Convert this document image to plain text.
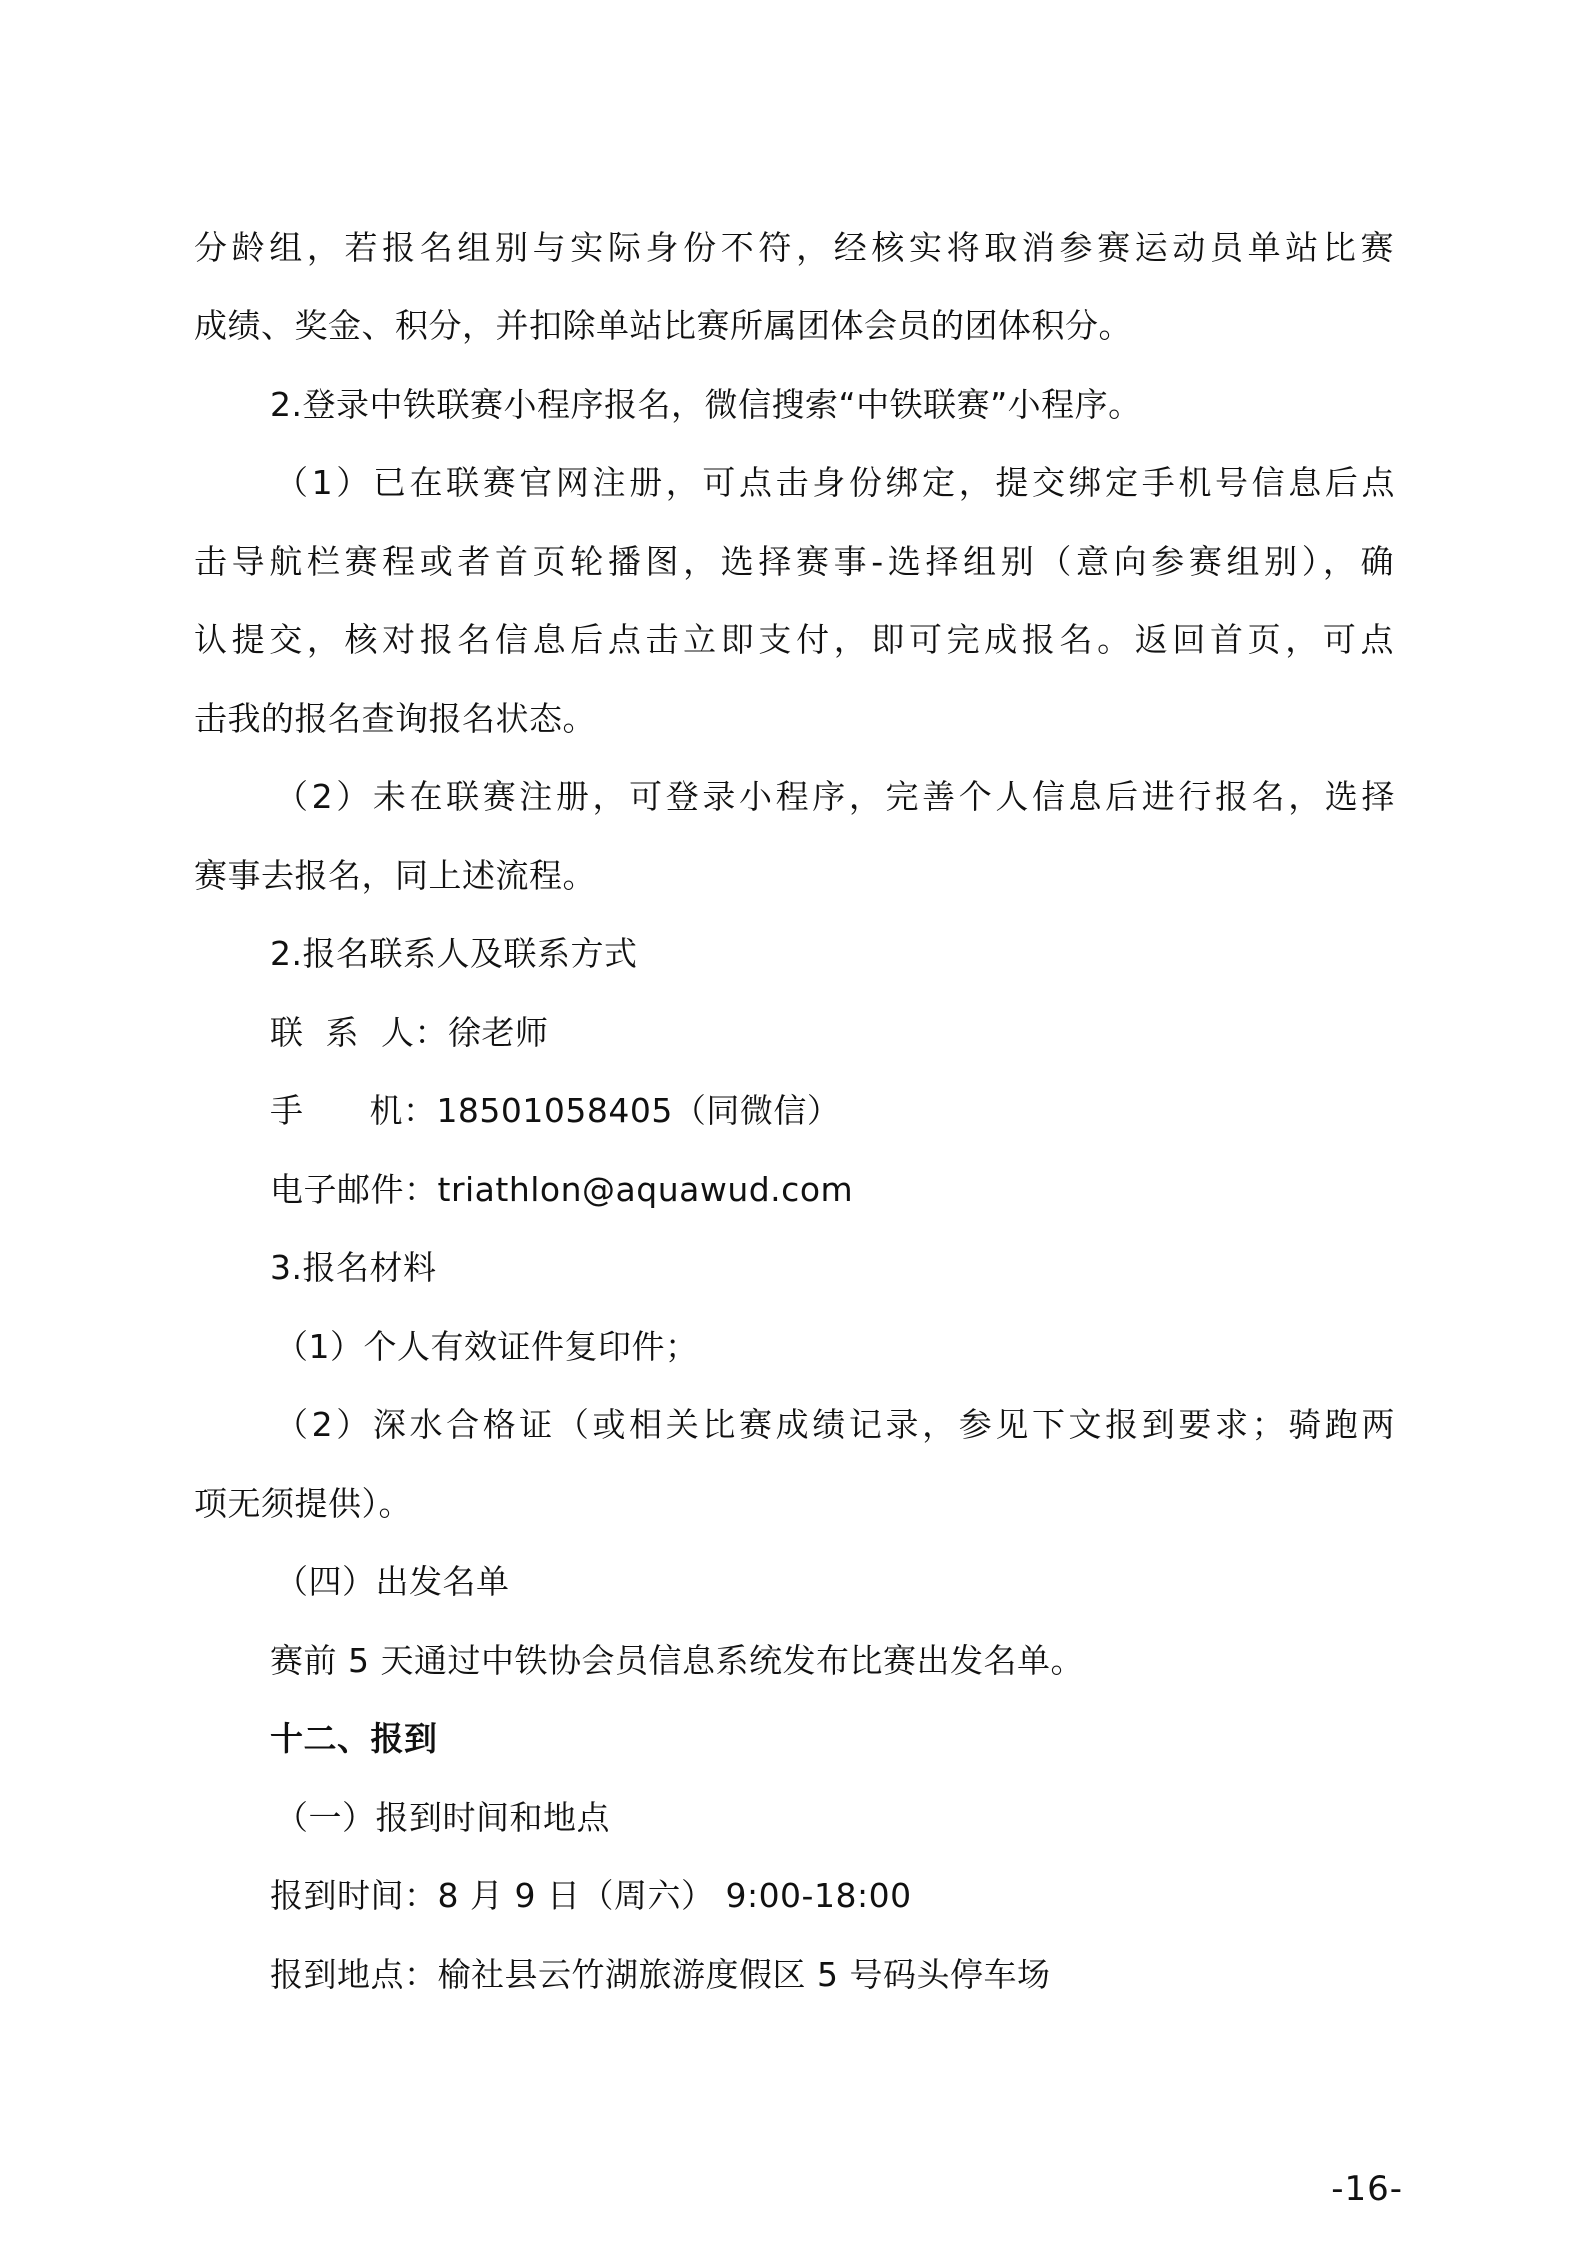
分龄组，若报名组别与实际身份不符，经核实将取消参赛运动员单站比赛
成绩、奖金、积分，并扣除单站比赛所属团体会员的团体积分。
2.登录中铁联赛小程序报名，微信搜索“中铁联赛”小程序。
（1）已在联赛官网注册，可点击身份绑定，提交绑定手机号信息后点
击导航栏赛程或者首页轮播图，选择赛事-选择组别（意向参赛组别），确
认提交，核对报名信息后点击立即支付，即可完成报名。返回首页，可点
击我的报名查询报名状态。
（2）未在联赛注册，可登录小程序，完善个人信息后进行报名，选择
赛事去报名，同上述流程。
2.报名联系人及联系方式
联  系  人：徐老师
手      机：18501058405（同微信）
电子邮件：triathlon@aquawud.com
3.报名材料
（1）个人有效证件复印件；
（2）深水合格证（或相关比赛成绩记录，参见下文报到要求；骑跑两
项无须提供）。
（四）出发名单
赛前 5 天通过中铁协会员信息系统发布比赛出发名单。
十二、报到
（一）报到时间和地点
报到时间：8 月 9 日（周六） 9:00-18:00
报到地点：榆社县云竹湖旅游度假区 5 号码头停车场
-16-
